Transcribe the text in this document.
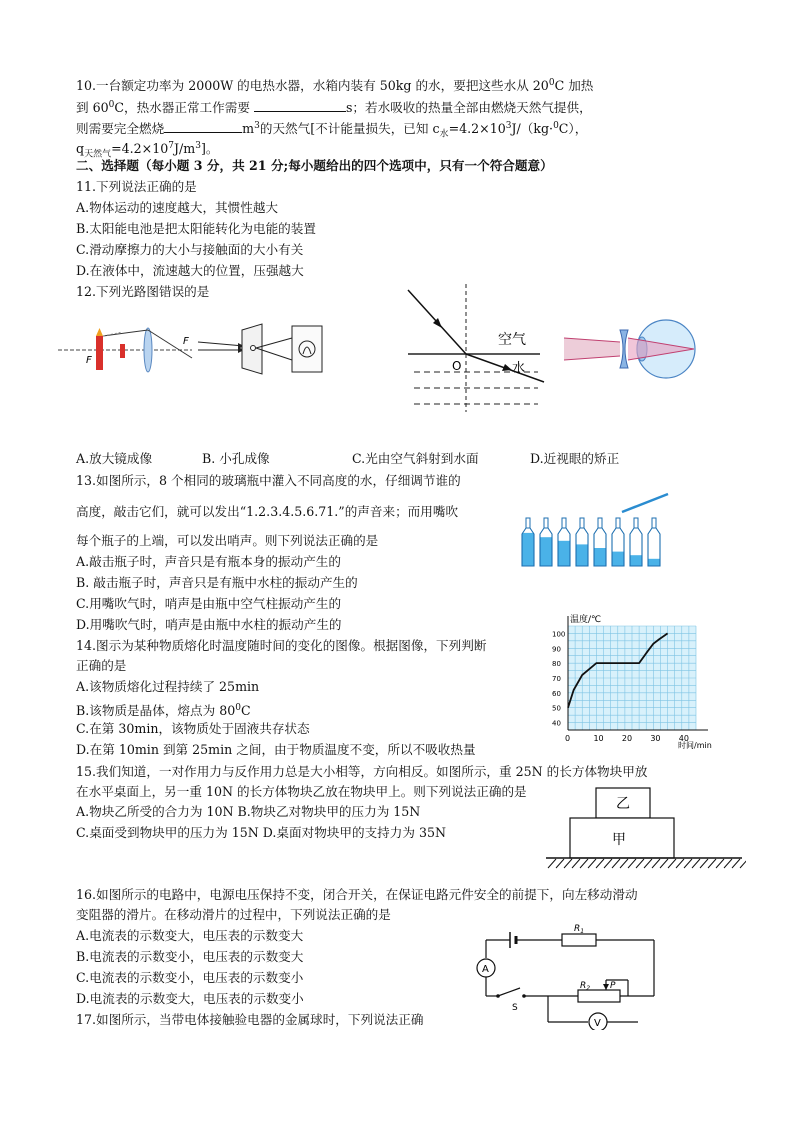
10.一台额定功率为 2000W 的电热水器，水箱内装有 50kg 的水，要把这些水从 $20^0C$ 加热
到 $60^0C$，热水器正常工作需要	s；若水吸收的热量全部由燃烧天然气提供，
则需要完全燃烧	$m^3$的天然气[不计能量损失，已知 $c_水=4.2\times 10^3J/(kg\cdot^0C)$，
$q_{天然气}=4.2\times 10^7J/m^3$]。
二、选择题（每小题 3 分，共 21 分;每小题给出的四个选项中，只有一个符合题意）
11.下列说法正确的是
A.物体运动的速度越大，其惯性越大
B.太阳能电池是把太阳能转化为电能的装置
C.滑动摩擦力的大小与接触面的大小有关
D.在液体中，流速越大的位置，压强越大
12.下列光路图错误的是
F
F	空气
水
O
A.放大镜成像	B. 小孔成像	C.光由空气斜射到水面	D.近视眼的矫正
13.如图所示，8 个相同的玻璃瓶中灌入不同高度的水，仔细调节谁的
高度，敲击它们，就可以发出“1.2.3.4.5.6.71.”的声音来；而用嘴吹
每个瓶子的上端，可以发出哨声。则下列说法正确的是
A.敲击瓶子时，声音只是有瓶本身的振动产生的
B. 敲击瓶子时，声音只是有瓶中水柱的振动产生的
C.用嘴吹气时，哨声是由瓶中空气柱振动产生的
D.用嘴吹气时，哨声是由瓶中水柱的振动产生的
14.图示为某种物质熔化时温度随时间的变化的图像。根据图像，下列判断
正确的是
A.该物质熔化过程持续了 25min
B.该物质是晶体，熔点为 $80^0C$
C.在第 30min，该物质处于固液共存状态
D.在第 10min 到第 25min 之间，由于物质温度不变，所以不吸收热量
0	10 20 30 40
40
50
60
70
80
90
100
温度/℃
时间/min
15.我们知道，一对作用力与反作用力总是大小相等，方向相反。如图所示，重 25N 的长方体物块甲放
在水平桌面上，另一重 10N 的长方体物块乙放在物块甲上。则下列说法正确的是
A.物块乙所受的合力为 10N B.物块乙对物块甲的压力为 15N
C.桌面受到物块甲的压力为 15N D.桌面对物块甲的支持力为 35N
乙
甲
16.如图所示的电路中，电源电压保持不变，闭合开关，在保证电路元件安全的前提下，向左移动滑动
变阻器的滑片。在移动滑片的过程中，下列说法正确的是
A.电流表的示数变大，电压表的示数变大
B.电流表的示数变小，电压表的示数变大
C.电流表的示数变小，电压表的示数变小
D.电流表的示数变大，电压表的示数变小
$R_1$
A
S
$R_2$ P
V
17.如图所示，当带电体接触验电器的金属球时，下列说法正确
